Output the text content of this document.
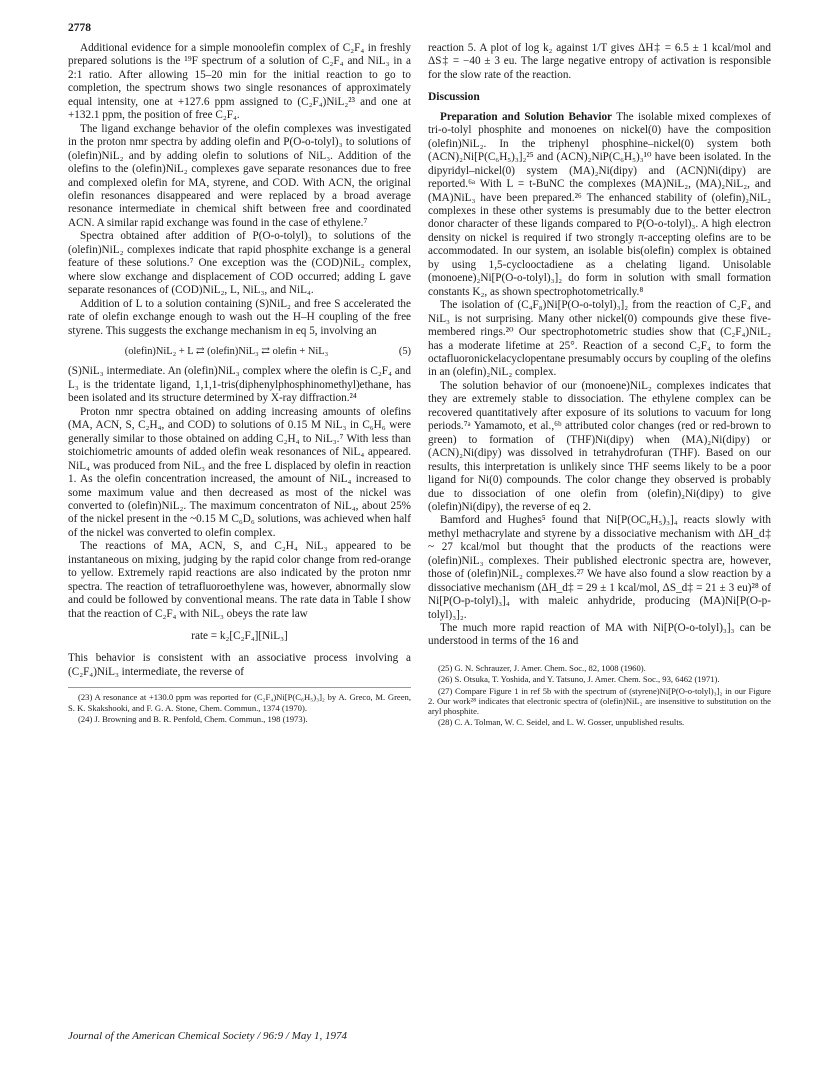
2778

Additional evidence for a simple monoolefin complex of C₂F₄ in freshly prepared solutions is the ¹⁹F spectrum of a solution of C₂F₄ and NiL₃ in a 2:1 ratio. After allowing 15–20 min for the initial reaction to go to completion, the spectrum shows two single resonances of approximately equal intensity, one at +127.6 ppm assigned to (C₂F₄)NiL₂²³ and one at +132.1 ppm, the position of free C₂F₄.

The ligand exchange behavior of the olefin complexes was investigated in the proton nmr spectra by adding olefin and P(O-o-tolyl)₃ to solutions of (olefin)NiL₂ and by adding olefin to solutions of NiL₃. Addition of the olefins to the (olefin)NiL₂ complexes gave separate resonances due to free and complexed olefin for MA, styrene, and COD. With ACN, the original olefin resonances disappeared and were replaced by a broad average resonance intermediate in chemical shift between free and coordinated ACN. A similar rapid exchange was found in the case of ethylene.⁷

Spectra obtained after addition of P(O-o-tolyl)₃ to solutions of the (olefin)NiL₂ complexes indicate that rapid phosphite exchange is a general feature of these solutions.⁷ One exception was the (COD)NiL₂ complex, where slow exchange and displacement of COD occurred; adding L gave separate resonances of (COD)NiL₂, L, NiL₃, and NiL₄.

Addition of L to a solution containing (S)NiL₂ and free S accelerated the rate of olefin exchange enough to wash out the H–H coupling of the free styrene. This suggests the exchange mechanism in eq 5, involving an

(olefin)NiL₂ + L ⇄ (olefin)NiL₃ ⇄ olefin + NiL₃	(5)

(S)NiL₃ intermediate. An (olefin)NiL₃ complex where the olefin is C₂F₄ and L₃ is the tridentate ligand, 1,1,1-tris(diphenylphosphinomethyl)ethane, has been isolated and its structure determined by X-ray diffraction.²⁴

Proton nmr spectra obtained on adding increasing amounts of olefins (MA, ACN, S, C₂H₄, and COD) to solutions of 0.15 M NiL₃ in C₆H₆ were generally similar to those obtained on adding C₂H₄ to NiL₃.⁷ With less than stoichiometric amounts of added olefin weak resonances of NiL₄ appeared. NiL₄ was produced from NiL₃ and the free L displaced by olefin in reaction 1. As the olefin concentration increased, the amount of NiL₄ increased to some maximum value and then decreased as most of the nickel was converted to (olefin)NiL₂. The maximum concentraton of NiL₄, about 25% of the nickel present in the ~0.15 M C₆D₆ solutions, was achieved when half of the nickel was converted to olefin complex.

The reactions of MA, ACN, S, and C₂H₄ NiL₃ appeared to be instantaneous on mixing, judging by the rapid color change from red-orange to yellow. Extremely rapid reactions are also indicated by the proton nmr spectra. The reaction of tetrafluoroethylene was, however, abnormally slow and could be followed by conventional means. The rate data in Table I show that the reaction of C₂F₄ with NiL₃ obeys the rate law

rate = k₂[C₂F₄][NiL₃]

This behavior is consistent with an associative process involving a (C₂F₄)NiL₃ intermediate, the reverse of

(23) A resonance at +130.0 ppm was reported for (C₂F₄)Ni[P(C₆H₅)₃]₂ by A. Greco, M. Green, S. K. Skakshooki, and F. G. A. Stone, Chem. Commun., 1374 (1970).

(24) J. Browning and B. R. Penfold, Chem. Commun., 198 (1973).

reaction 5. A plot of log k₂ against 1/T gives ΔH‡ = 6.5 ± 1 kcal/mol and ΔS‡ = −40 ± 3 eu. The large negative entropy of activation is responsible for the slow rate of the reaction.

Discussion

Preparation and Solution Behavior The isolable mixed complexes of tri-o-tolyl phosphite and monoenes on nickel(0) have the composition (olefin)NiL₂. In the triphenyl phosphine–nickel(0) system both (ACN)₂Ni[P(C₆H₅)₃]₂²⁵ and (ACN)₂NiP(C₆H₅)₃¹⁰ have been isolated. In the dipyridyl–nickel(0) system (MA)₂Ni(dipy) and (ACN)Ni(dipy) are reported.⁶ᵃ With L = t-BuNC the complexes (MA)NiL₂, (MA)₂NiL₂, and (MA)NiL₃ have been prepared.²⁶ The enhanced stability of (olefin)₂NiL₂ complexes in these other systems is presumably due to the better electron donor character of these ligands compared to P(O-o-tolyl)₃. A high electron density on nickel is required if two strongly π-accepting olefins are to be accommodated. In our system, an isolable bis(olefin) complex is obtained by using 1,5-cyclooctadiene as a chelating ligand. Unisolable (monoene)₂Ni[P(O-o-tolyl)₃]₂ do form in solution with small formation constants K₂, as shown spectrophotometrically.⁸

The isolation of (C₄F₈)Ni[P(O-o-tolyl)₃]₂ from the reaction of C₂F₄ and NiL₃ is not surprising. Many other nickel(0) compounds give these five-membered rings.²⁰ Our spectrophotometric studies show that (C₂F₄)NiL₂ has a moderate lifetime at 25°. Reaction of a second C₂F₄ to form the octafluoronickelacyclopentane presumably occurs by coupling of the olefins in an (olefin)₂NiL₂ complex.

The solution behavior of our (monoene)NiL₂ complexes indicates that they are extremely stable to dissociation. The ethylene complex can be recovered quantitatively after exposure of its solutions to vacuum for long periods.⁷ᵃ Yamamoto, et al.,⁶ᵇ attributed color changes (red or red-brown to green) to formation of (THF)Ni(dipy) when (MA)₂Ni(dipy) or (ACN)₂Ni(dipy) was dissolved in tetrahydrofuran (THF). Based on our results, this interpretation is unlikely since THF seems likely to be a poor ligand for Ni(0) compounds. The color change they observed is probably due to dissociation of one olefin from (olefin)₂Ni(dipy) to give (olefin)Ni(dipy), the reverse of eq 2.

Bamford and Hughes⁵ found that Ni[P(OC₆H₅)₃]₄ reacts slowly with methyl methacrylate and styrene by a dissociative mechanism with ΔH_d‡ ~ 27 kcal/mol but thought that the products of the reactions were (olefin)NiL₃ complexes. Their published electronic spectra are, however, those of (olefin)NiL₂ complexes.²⁷ We have also found a slow reaction by a dissociative mechanism (ΔH_d‡ = 29 ± 1 kcal/mol, ΔS_d‡ = 21 ± 3 eu)²⁸ of Ni[P(O-p-tolyl)₃]₄ with maleic anhydride, producing (MA)Ni[P(O-p-tolyl)₃]₂.

The much more rapid reaction of MA with Ni[P(O-o-tolyl)₃]₃ can be understood in terms of the 16 and

(25) G. N. Schrauzer, J. Amer. Chem. Soc., 82, 1008 (1960).

(26) S. Otsuka, T. Yoshida, and Y. Tatsuno, J. Amer. Chem. Soc., 93, 6462 (1971).

(27) Compare Figure 1 in ref 5b with the spectrum of (styrene)Ni[P(O-o-tolyl)₃]₂ in our Figure 2. Our work²⁸ indicates that electronic spectra of (olefin)NiL₂ are insensitive to substitution on the aryl phosphite.

(28) C. A. Tolman, W. C. Seidel, and L. W. Gosser, unpublished results.

Journal of the American Chemical Society / 96:9 / May 1, 1974
